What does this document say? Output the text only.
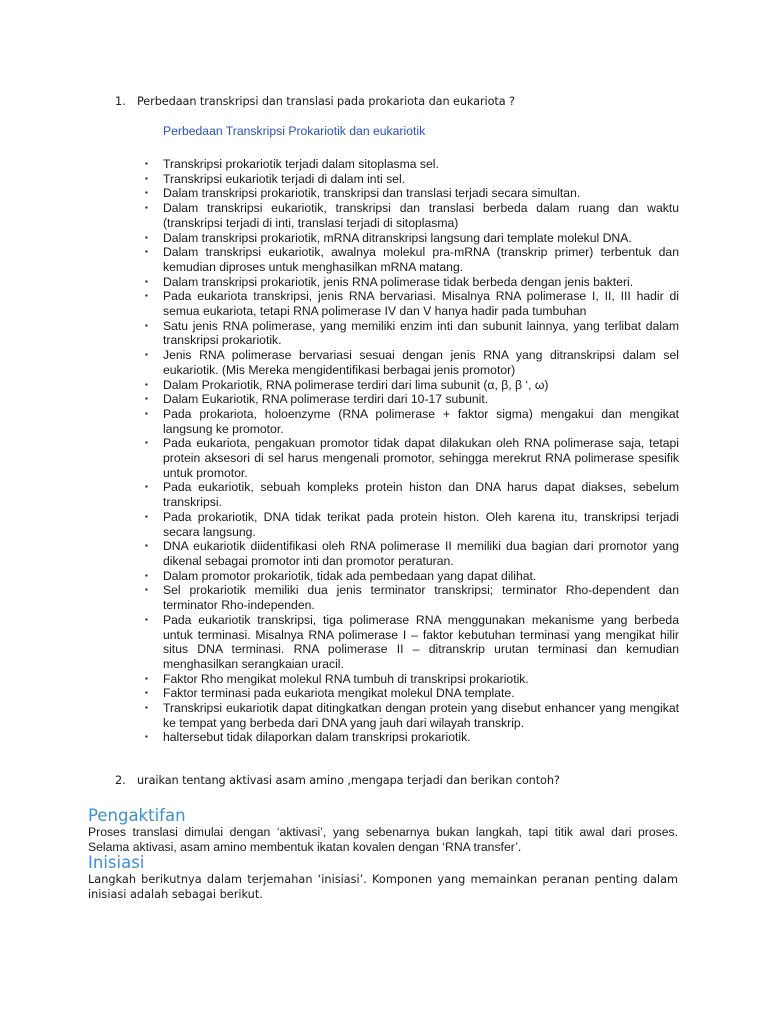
1. Perbedaan transkripsi dan translasi pada prokariota dan eukariota ?
Perbedaan Transkripsi Prokariotik dan eukariotik
▪ Transkripsi prokariotik terjadi dalam sitoplasma sel.
▪ Transkripsi eukariotik terjadi di dalam inti sel.
▪ Dalam transkripsi prokariotik, transkripsi dan translasi terjadi secara simultan.
▪ Dalam transkripsi eukariotik, transkripsi dan translasi berbeda dalam ruang dan waktu (transkripsi terjadi di inti, translasi terjadi di sitoplasma)
▪ Dalam transkripsi prokariotik, mRNA ditranskripsi langsung dari template molekul DNA.
▪ Dalam transkripsi eukariotik, awalnya molekul pra-mRNA (transkrip primer) terbentuk dan kemudian diproses untuk menghasilkan mRNA matang.
▪ Dalam transkripsi prokariotik, jenis RNA polimerase tidak berbeda dengan jenis bakteri.
▪ Pada eukariota transkripsi, jenis RNA bervariasi. Misalnya RNA polimerase I, II, III hadir di semua eukariota, tetapi RNA polimerase IV dan V hanya hadir pada tumbuhan
▪ Satu jenis RNA polimerase, yang memiliki enzim inti dan subunit lainnya, yang terlibat dalam transkripsi prokariotik.
▪ Jenis RNA polimerase bervariasi sesuai dengan jenis RNA yang ditranskripsi dalam sel eukariotik. (Mis Mereka mengidentifikasi berbagai jenis promotor)
▪ Dalam Prokariotik, RNA polimerase terdiri dari lima subunit (α, β, β ‘, ω)
▪ Dalam Eukariotik, RNA polimerase terdiri dari 10-17 subunit.
▪ Pada prokariota, holoenzyme (RNA polimerase + faktor sigma) mengakui dan mengikat langsung ke promotor.
▪ Pada eukariota, pengakuan promotor tidak dapat dilakukan oleh RNA polimerase saja, tetapi protein aksesori di sel harus mengenali promotor, sehingga merekrut RNA polimerase spesifik untuk promotor.
▪ Pada eukariotik, sebuah kompleks protein histon dan DNA harus dapat diakses, sebelum transkripsi.
▪ Pada prokariotik, DNA tidak terikat pada protein histon. Oleh karena itu, transkripsi terjadi secara langsung.
▪ DNA eukariotik diidentifikasi oleh RNA polimerase II memiliki dua bagian dari promotor yang dikenal sebagai promotor inti dan promotor peraturan.
▪ Dalam promotor prokariotik, tidak ada pembedaan yang dapat dilihat.
▪ Sel prokariotik memiliki dua jenis terminator transkripsi; terminator Rho-dependent dan terminator Rho-independen.
▪ Pada eukariotik transkripsi, tiga polimerase RNA menggunakan mekanisme yang berbeda untuk terminasi. Misalnya RNA polimerase I – faktor kebutuhan terminasi yang mengikat hilir situs DNA terminasi. RNA polimerase II – ditranskrip urutan terminasi dan kemudian menghasilkan serangkaian uracil.
▪ Faktor Rho mengikat molekul RNA tumbuh di transkripsi prokariotik.
▪ Faktor terminasi pada eukariota mengikat molekul DNA template.
▪ Transkripsi eukariotik dapat ditingkatkan dengan protein yang disebut enhancer yang mengikat ke tempat yang berbeda dari DNA yang jauh dari wilayah transkrip.
▪ haltersebut tidak dilaporkan dalam transkripsi prokariotik.
2. uraikan tentang aktivasi asam amino ,mengapa terjadi dan berikan contoh?
Pengaktifan

Proses translasi dimulai dengan ‘aktivasi’, yang sebenarnya bukan langkah, tapi titik awal dari proses. Selama aktivasi, asam amino membentuk ikatan kovalen dengan ‘RNA transfer’.

Inisiasi

Langkah berikutnya dalam terjemahan ‘inisiasi’. Komponen yang memainkan peranan penting dalam inisiasi adalah sebagai berikut.
